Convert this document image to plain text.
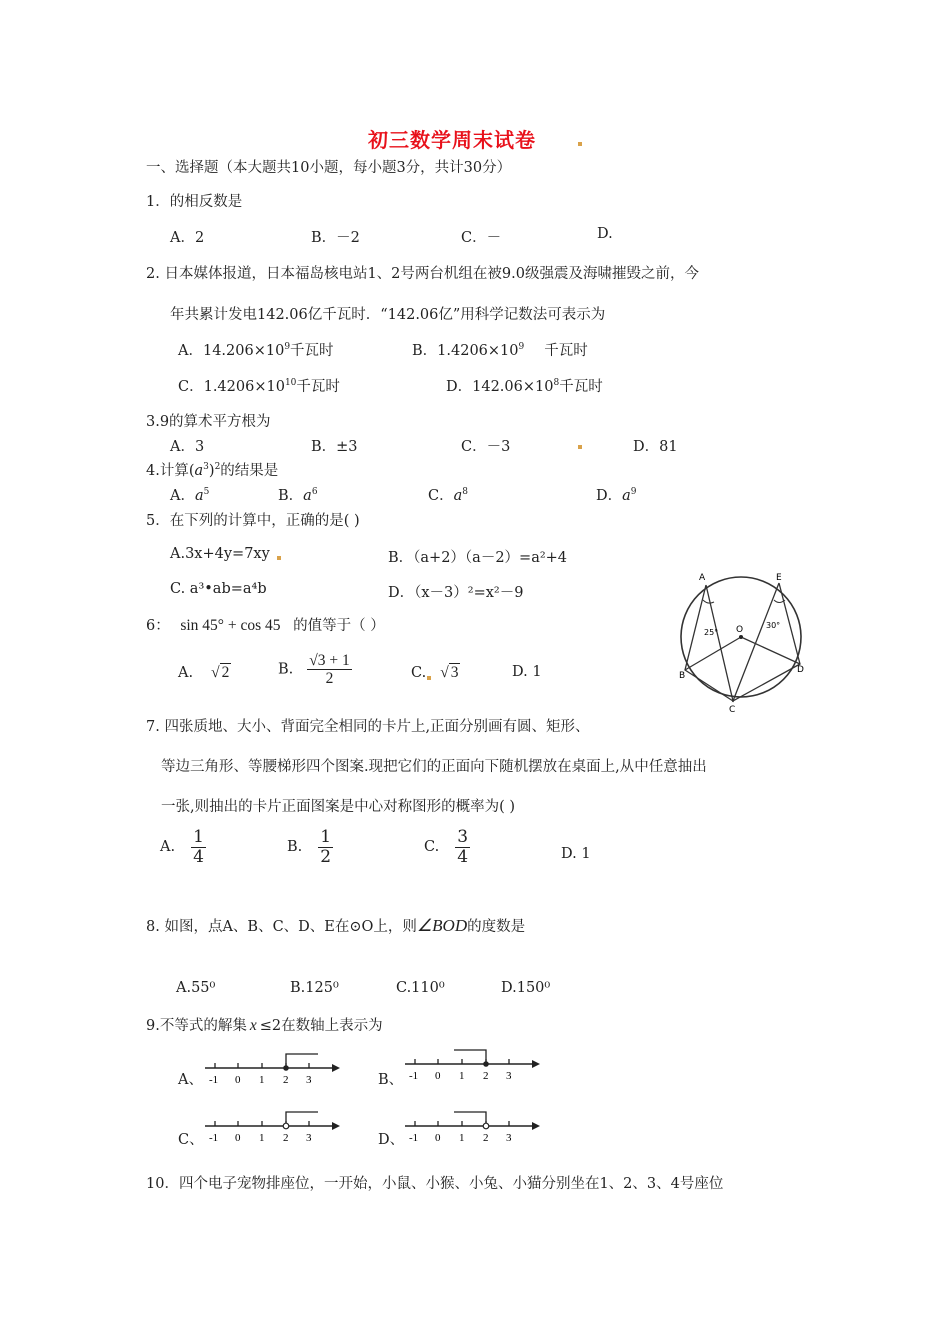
初三数学周末试卷
一、选择题（本大题共10小题，每小题3分，共计30分）
1．的相反数是
A．2	B．－2	C．－	D.
2. 日本媒体报道，日本福岛核电站1、2号两台机组在被9.0级强震及海啸摧毁之前，今
年共累计发电142.06亿千瓦时．“142.06亿”用科学记数法可表示为
A．$14.206\times 10^9$千瓦时	B．$1.4206\times 10^9$ 千瓦时
C．$1.4206\times 10^{10}$千瓦时	D．$142.06\times 10^8$千瓦时
3.9的算术平方根为
A．3	B．±3	C．－3	D．81
4.计算$(a^3)^2$的结果是
A．$a^5$	B．$a^6$	C．$a^8$	D．$a^9$
5．在下列的计算中，正确的是( )
A.3x+4y=7xy	B．（a+2）（a－2）=a²+4
C. a³•ab=a⁴b	D．（x－3）²=x²－9
A	E
O
B
C
D
25°
30°
6： sin 45° + cos 45 的值等于（ ）
A. √ 2	B. $\frac{√3 + 1}{2}$	C. √ 3	D. 1
7. 四张质地、大小、背面完全相同的卡片上,正面分别画有圆、矩形、
等边三角形、等腰梯形四个图案.现把它们的正面向下随机摆放在桌面上,从中任意抽出
一张,则抽出的卡片正面图案是中心对称图形的概率为( )
A. $\frac{1}{4}$	B. $\frac{1}{2}$	C. $\frac{3}{4}$	D. 1
8. 如图，点A、B、C、D、E在⊙O上，则∠BOD的度数是
A.55⁰	B.125⁰	C.110⁰	D.150⁰
9.不等式的解集 x ≤2在数轴上表示为
A、	B、
C、	D、
-1 0 1 2 3	-1 0 1 2 3
-1 0 1 2 3	-1 0 1 2 3
10．四个电子宠物排座位，一开始，小鼠、小猴、小兔、小猫分别坐在1、2、3、4号座位
